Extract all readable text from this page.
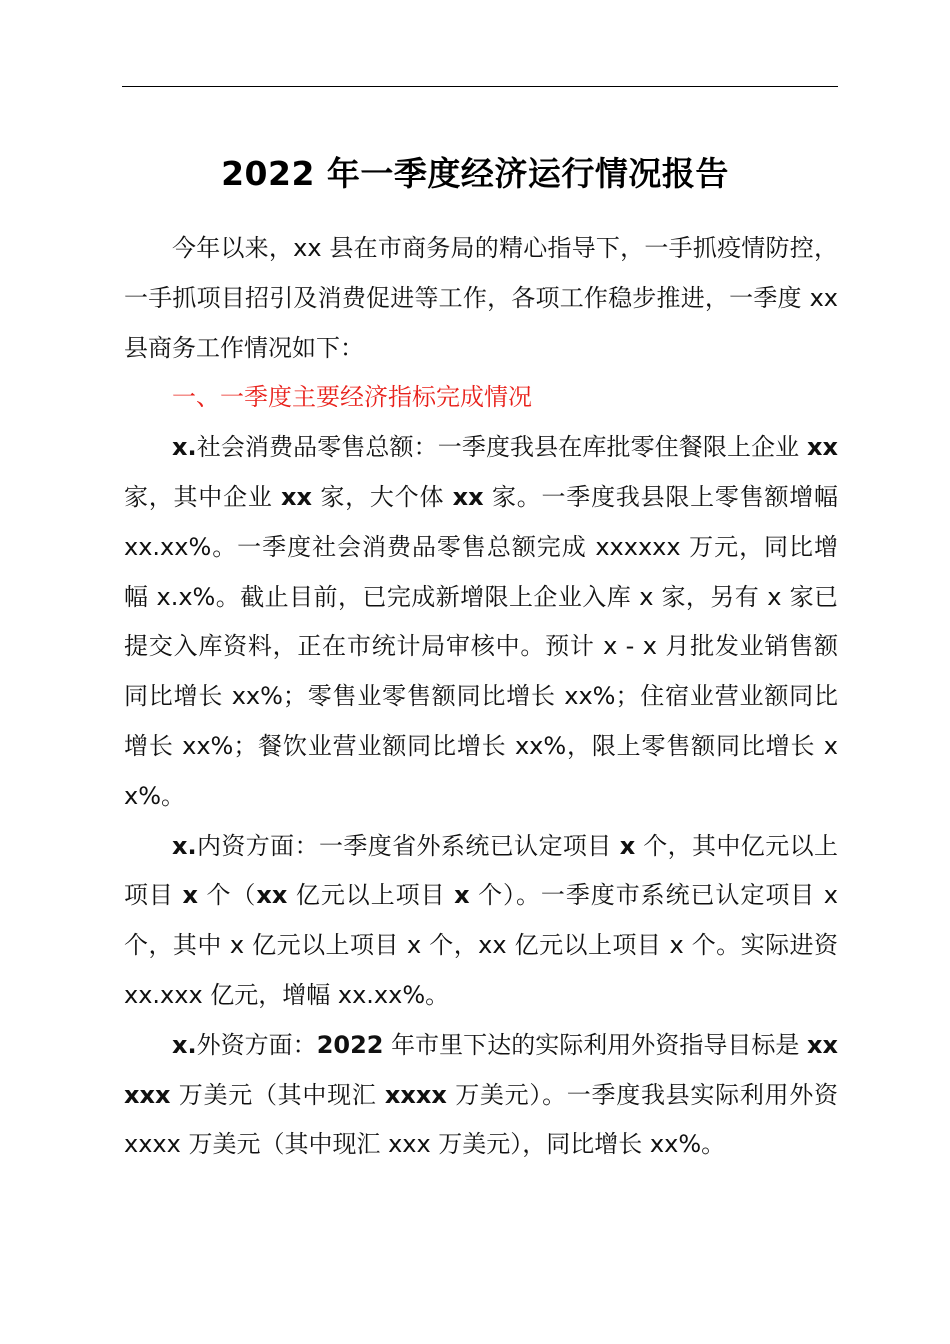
2022 年一季度经济运行情况报告

今年以来，xx 县在市商务局的精心指导下，一手抓疫情防控，一手抓项目招引及消费促进等工作，各项工作稳步推进，一季度 xx 县商务工作情况如下：

一、一季度主要经济指标完成情况

x.社会消费品零售总额：一季度我县在库批零住餐限上企业 xx 家，其中企业 xx 家，大个体 xx 家。一季度我县限上零售额增幅 xx.xx%。一季度社会消费品零售总额完成 xxxxxx 万元，同比增幅 x.x%。截止目前，已完成新增限上企业入库 x 家，另有 x 家已提交入库资料，正在市统计局审核中。预计 x - x 月批发业销售额同比增长 xx%；零售业零售额同比增长 xx%；住宿业营业额同比增长 xx%；餐饮业营业额同比增长 xx%，限上零售额同比增长 xx%。

x.内资方面：一季度省外系统已认定项目 x 个，其中亿元以上项目 x 个（xx 亿元以上项目 x 个）。一季度市系统已认定项目 x 个，其中 x 亿元以上项目 x 个，xx 亿元以上项目 x 个。实际进资 xx.xxx 亿元，增幅 xx.xx%。

x.外资方面：2022 年市里下达的实际利用外资指导目标是 xxxxx 万美元（其中现汇 xxxx 万美元）。一季度我县实际利用外资 xxxx 万美元（其中现汇 xxx 万美元），同比增长 xx%。
